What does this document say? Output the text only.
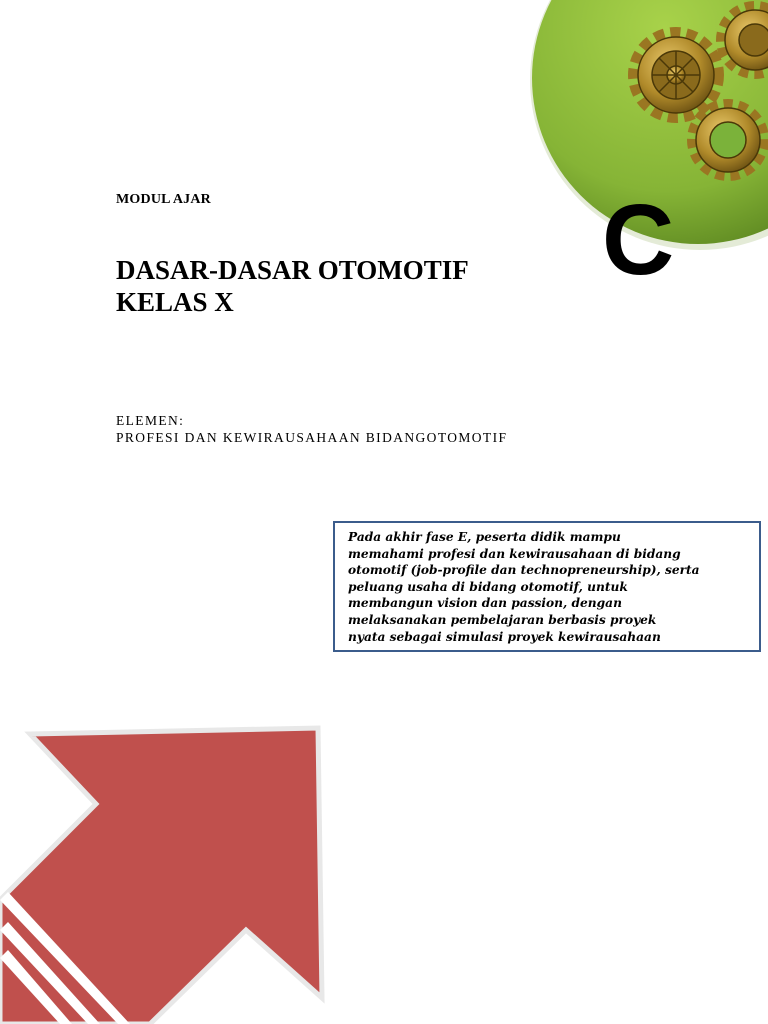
C
MODUL AJAR
DASAR-DASAR OTOMOTIF
KELAS X
ELEMEN:
PROFESI DAN KEWIRAUSAHAAN BIDANGOTOMOTIF
Pada akhir fase E, peserta didik mampu
memahami profesi dan kewirausahaan di bidang
otomotif (job-profile dan technopreneurship), serta
peluang usaha di bidang otomotif, untuk
membangun vision dan passion, dengan
melaksanakan pembelajaran berbasis proyek
nyata sebagai simulasi proyek kewirausahaan
